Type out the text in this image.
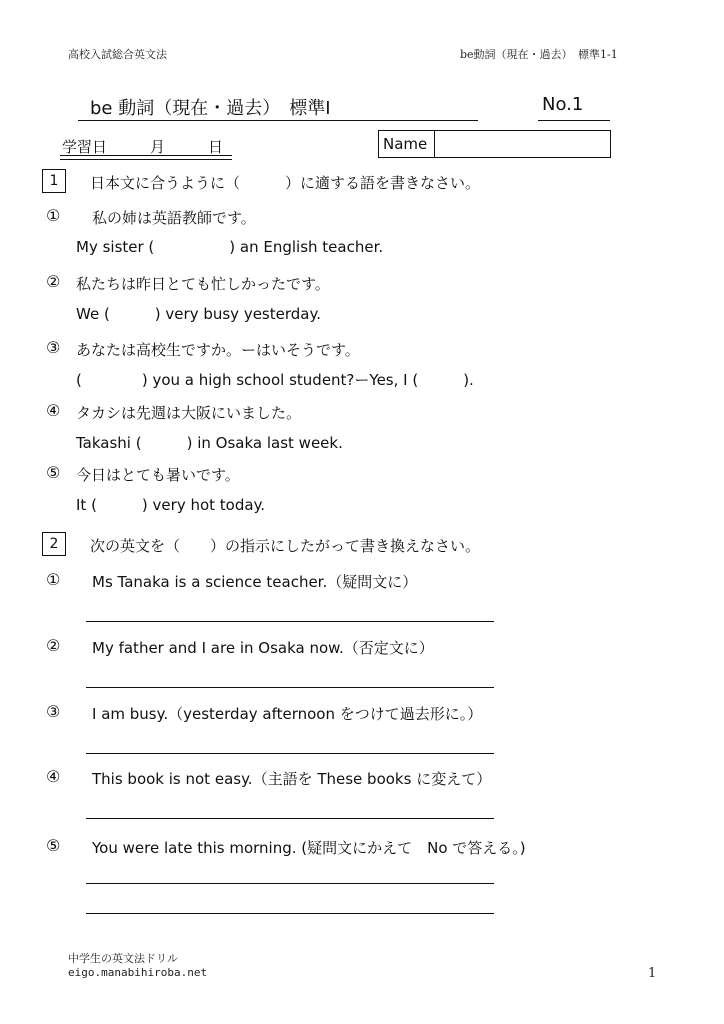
高校入試総合英文法	be動詞（現在・過去）　標準1-1
be 動詞（現在・過去）　標準Ⅰ	No.1
学習日	月	日	Name
1	日本文に合うように（　　　）に適する語を書きなさい。
① 私の姉は英語教師です。
My sister (　　　　　) an English teacher.
② 私たちは昨日とても忙しかったです。
We (　　　) very busy yesterday.
③ あなたは高校生ですか。ーはいそうです。
(　　　　) you a high school student?ーYes, I (　　　).
④ タカシは先週は大阪にいました。
Takashi (　　　) in Osaka last week.
⑤ 今日はとても暑いです。
It (　　　) very hot today.
2	次の英文を（　　）の指示にしたがって書き換えなさい。
① Ms Tanaka is a science teacher.（疑問文に）
② My father and I are in Osaka now.（否定文に）
③ I am busy.（yesterday afternoon をつけて過去形に。）
④ This book is not easy.（主語を These books に変えて）
⑤ You were late this morning. (疑問文にかえて　No で答える。)
中学生の英文法ドリル
eigo.manabihiroba.net	1
